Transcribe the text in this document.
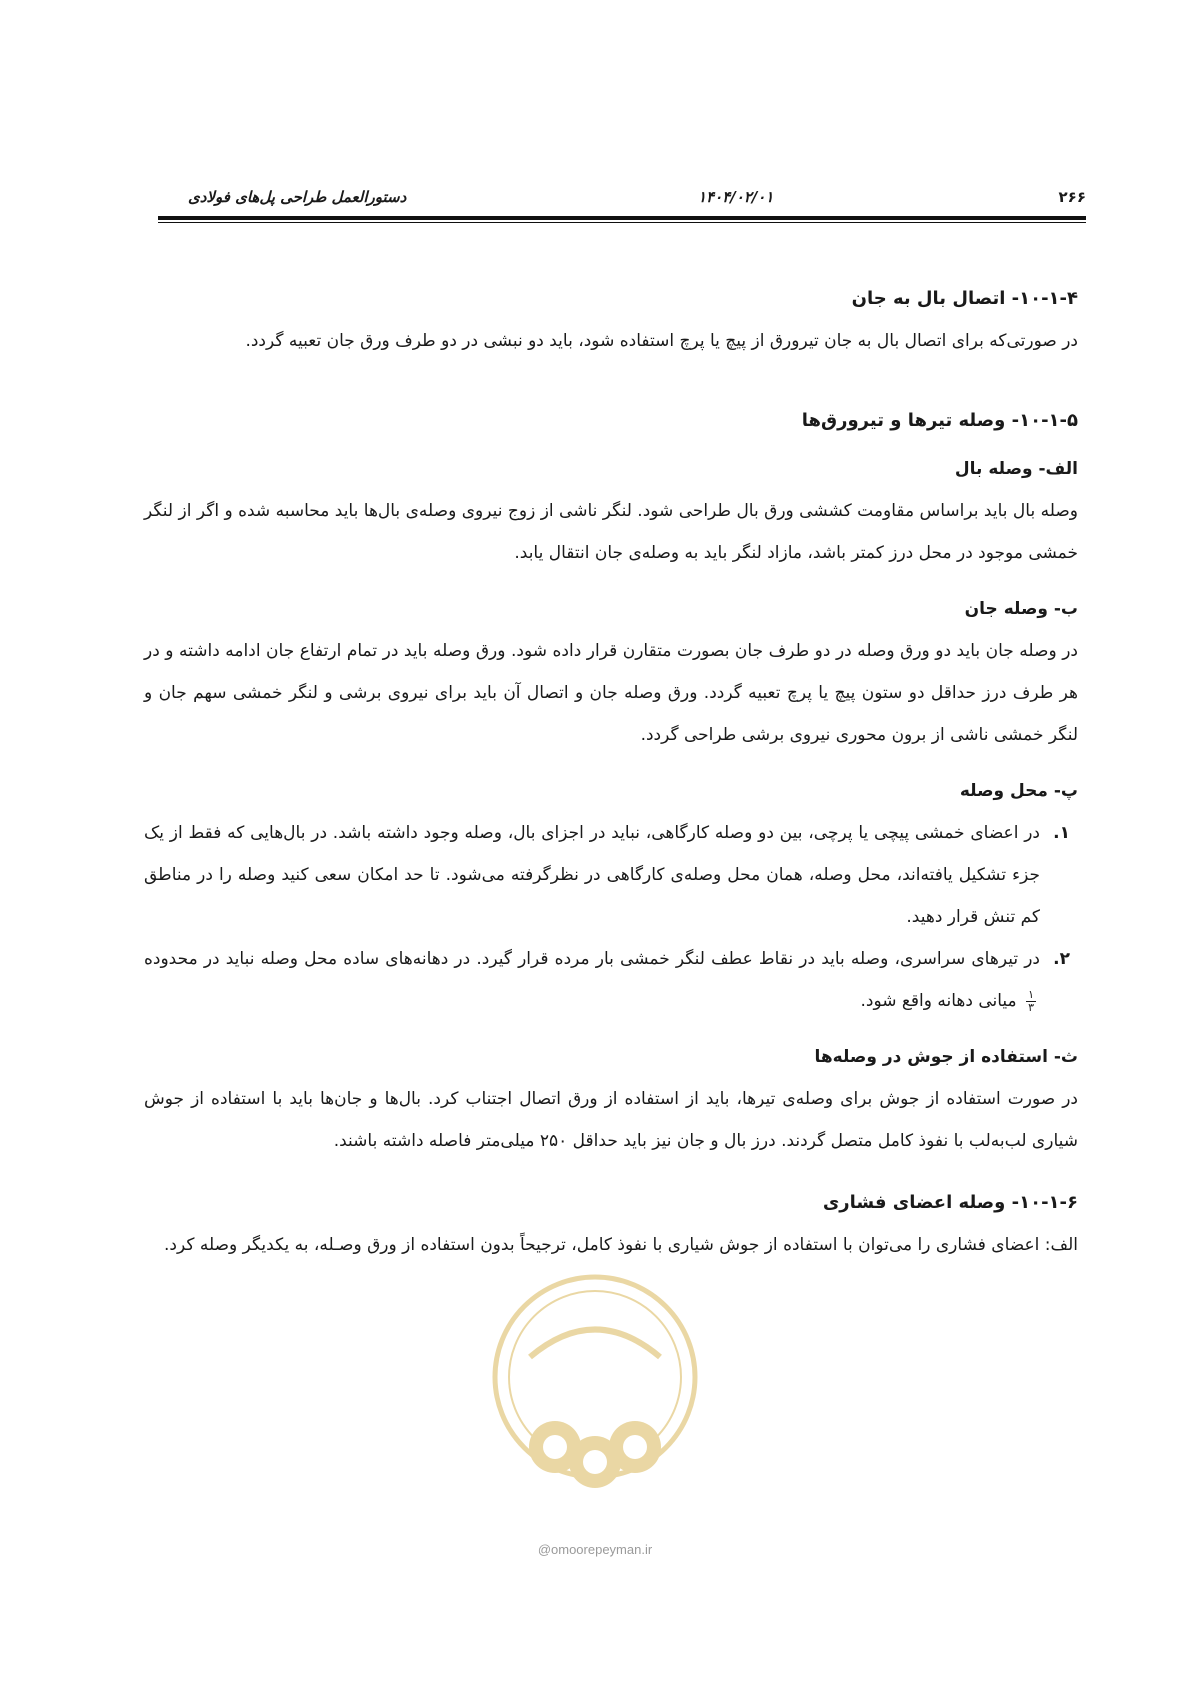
۲۶۶
۱۴۰۴/۰۲/۰۱
دستورالعمل طراحی پل‌های فولادی

۱۰-۱-۴- اتصال بال به جان

در صورتی‌که برای اتصال بال به جان تیرورق از پیچ یا پرچ استفاده شود، باید دو نبشی در دو طرف ورق جان تعبیه گردد.

۱۰-۱-۵- وصله تیرها و تیرورق‌ها

الف- وصله بال

وصله بال باید براساس مقاومت کششی ورق بال طراحی شود. لنگر ناشی از زوج نیروی وصله‌ی بال‌ها باید محاسبه شده و اگر از لنگر خمشی موجود در محل درز کمتر باشد، مازاد لنگر باید به وصله‌ی جان انتقال یابد.

ب- وصله جان

در وصله جان باید دو ورق وصله در دو طرف جان بصورت متقارن قرار داده شود. ورق وصله باید در تمام ارتفاع جان ادامه داشته و در هر طرف درز حداقل دو ستون پیچ یا پرچ تعبیه گردد. ورق وصله جان و اتصال آن باید برای نیروی برشی و لنگر خمشی سهم جان و لنگر خمشی ناشی از برون محوری نیروی برشی طراحی گردد.

پ- محل وصله

۱.
در اعضای خمشی پیچی یا پرچی، بین دو وصله کارگاهی، نباید در اجزای بال، وصله وجود داشته باشد. در بال‌هایی که فقط از یک جزء تشکیل یافته‌اند، محل وصله، همان محل وصله‌ی کارگاهی در نظرگرفته می‌شود. تا حد امکان سعی کنید وصله را در مناطق کم تنش قرار دهید.
۲.
در تیرهای سراسری، وصله باید در نقاط عطف لنگر خمشی بار مرده قرار گیرد. در دهانه‌های ساده محل وصله نباید در محدوده
$\frac{۱}{۳}$
میانی دهانه واقع شود.

ث- استفاده از جوش در وصله‌ها

در صورت استفاده از جوش برای وصله‌ی تیرها، باید از استفاده از ورق اتصال اجتناب کرد. بال‌ها و جان‌ها باید با استفاده از جوش شیاری لب‌به‌لب با نفوذ کامل متصل گردند. درز بال و جان نیز باید حداقل ۲۵۰ میلی‌متر فاصله داشته باشند.

۱۰-۱-۶- وصله اعضای فشاری

الف: اعضای فشاری را می‌توان با استفاده از جوش شیاری با نفوذ کامل، ترجیحاً بدون استفاده از ورق وصـله، به یکدیگر وصله کرد.

@omoorepeyman.ir
